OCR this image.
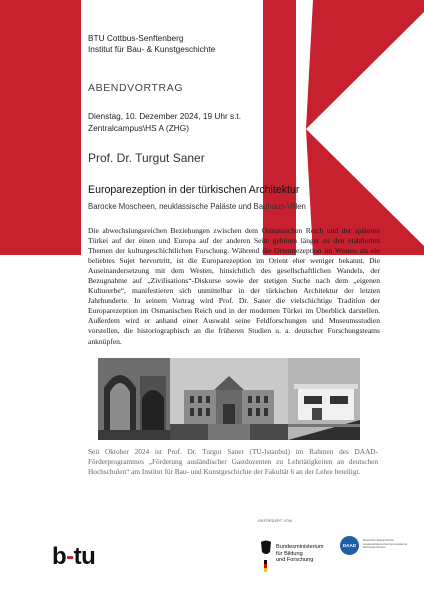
BTU Cottbus-Senftenberg
Institut für Bau- & Kunstgeschichte
ABENDVORTRAG
Dienstag, 10. Dezember 2024, 19 Uhr s.t.
Zentralcampus\HS A (ZHG)
Prof. Dr. Turgut Saner
Europarezeption in der türkischen Architektur
Barocke Moscheen, neuklassische Paläste und Bauhaus-Villen

Die abwechslungsreichen Beziehungen zwischen dem Osmanischen Reich und der späteren Türkei auf der einen und Europa auf der anderen Seite gehören längst zu den etablierten Themen der kulturgeschichtlichen Forschung. Während die Orientrezeption im Westen als ein beliebtes Sujet hervortritt, ist die Europarezeption im Orient eher weniger bekannt. Die Auseinandersetzung mit dem Westen, hinsichtlich des gesellschaftlichen Wandels, der Bezugnahme auf „Zivilisations“-Diskurse sowie der stetigen Suche nach dem „eigenen Kulturerbe“, manifestieren sich unmittelbar in der türkischen Architektur der letzten Jahrhunderte. In seinem Vortrag wird Prof. Dr. Saner die vielschichtige Tradition der Europarezeption im Osmanischen Reich und in der modernen Türkei im Überblick darstellen. Außerdem wird er anhand einer Auswahl seine Feldforschungen und Museumsstudien vorstellen, die historiographisch an die früheren Studien u. a. deutscher Forschungsteams anknüpfen.

Seit Oktober 2024 ist Prof. Dr. Turgut Saner (TU-Istanbul) im Rahmen des DAAD-Förderprogrammes „Förderung ausländischer Gastdozenten zu Lehrtätigkeiten an deutschen Hochschulen“ am Institut für Bau- und Kunstgeschichte der Fakultät 6 an der Lehre beteiligt.

b-tu
GEFÖRDERT VOM
Bundesministerium
für Bildung
und Forschung
DAAD
Deutscher Akademischer Austauschdienst German Academic Exchange Service
